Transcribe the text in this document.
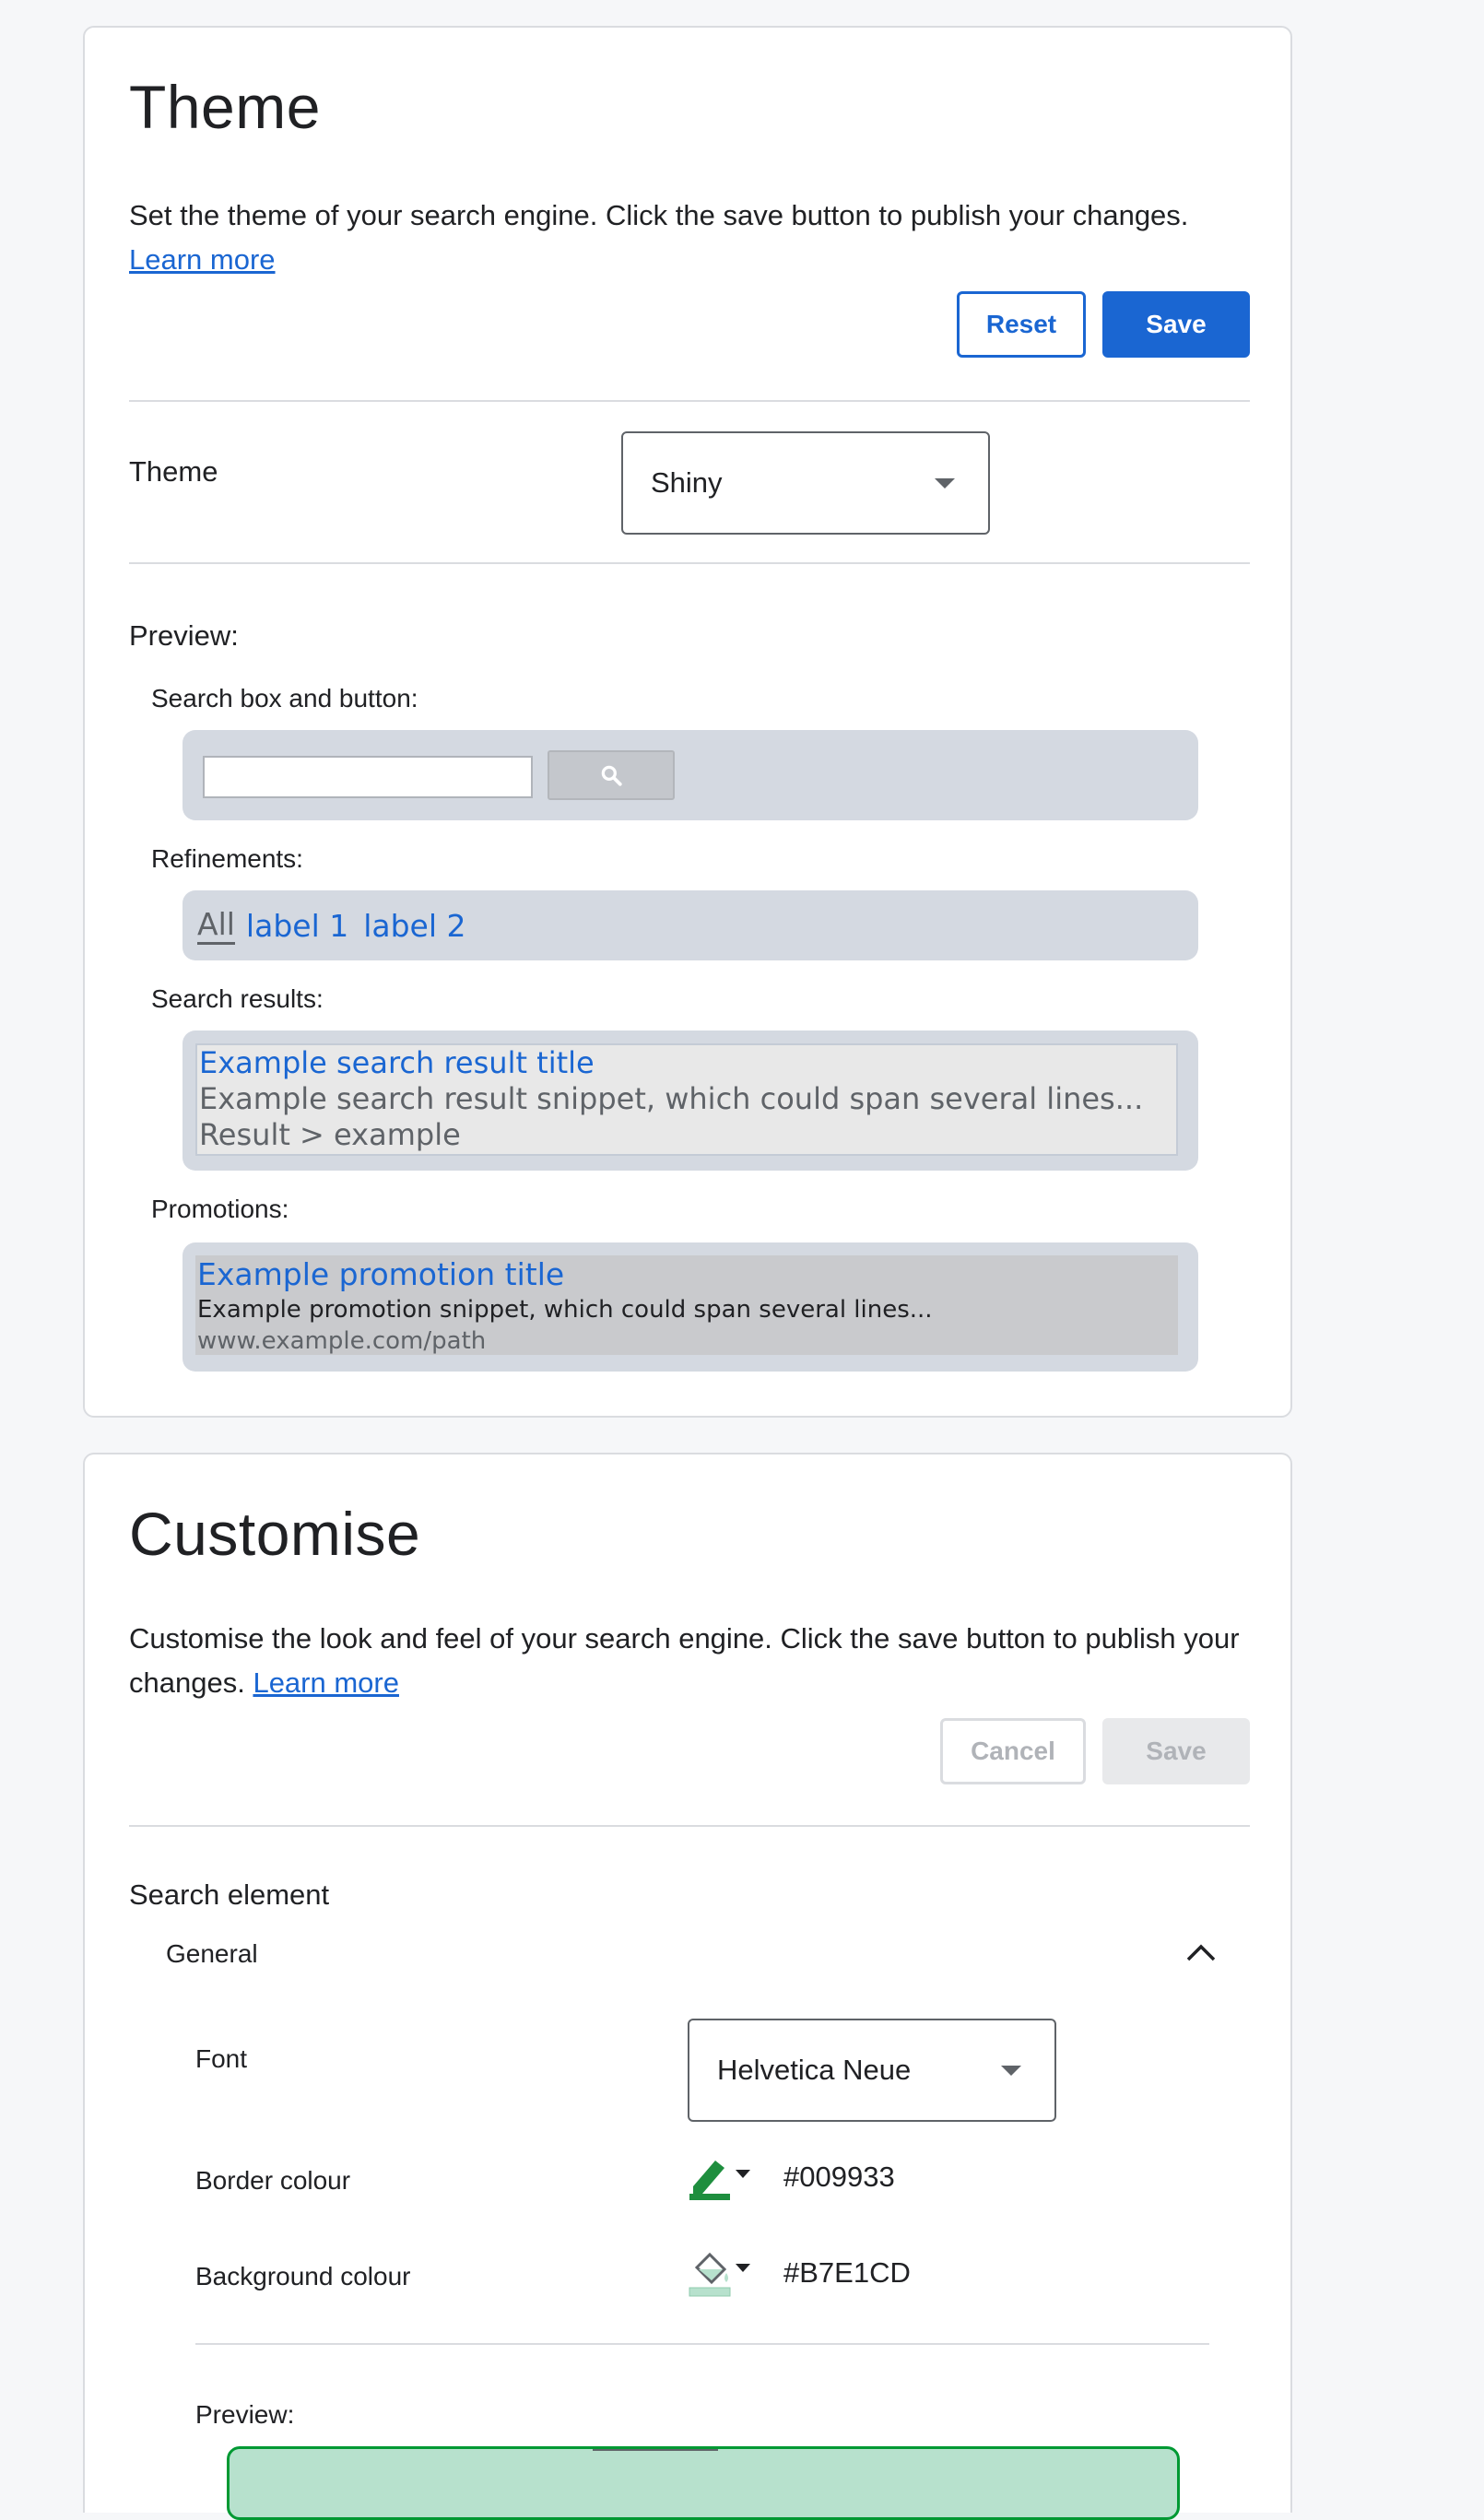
Theme
Set the theme of your search engine. Click the save button to publish your changes.
Learn more
Reset	Save
Theme	Shiny
Preview:
Search box and button:
Refinements:
All label 1 label 2
Search results:
Example search result title
Example search result snippet, which could span several lines...
Result > example
Promotions:
Example promotion title
Example promotion snippet, which could span several lines...
www.example.com/path
Customise
Customise the look and feel of your search engine. Click the save button to publish your changes. Learn more
Cancel	Save
Search element
General
Font	Helvetica Neue
Border colour	#009933
Background colour	#B7E1CD
Preview:
